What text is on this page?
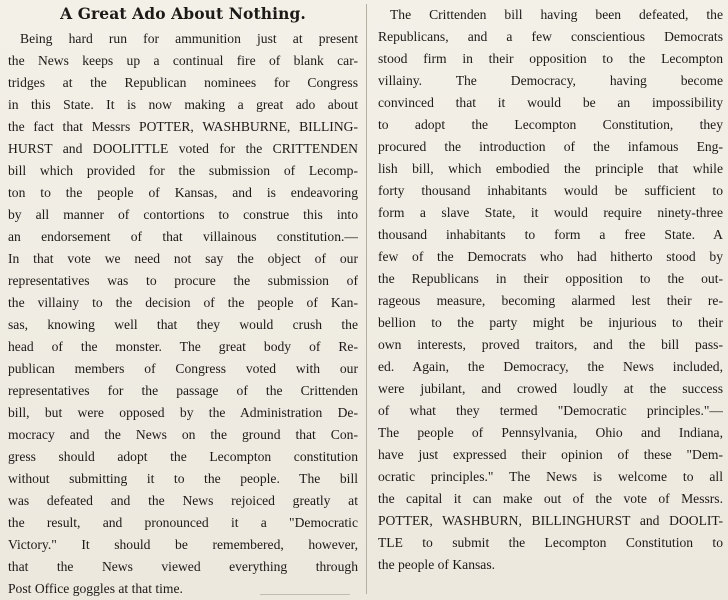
A Great Ado About Nothing.
Being hard run for ammunition just at present
the News keeps up a continual fire of blank car-
tridges at the Republican nominees for Congress
in this State. It is now making a great ado about
the fact that Messrs POTTER, WASHBURNE, BILLING-
HURST and DOOLITTLE voted for the CRITTENDEN
bill which provided for the submission of Lecomp-
ton to the people of Kansas, and is endeavoring
by all manner of contortions to construe this into
an endorsement of that villainous constitution.—
In that vote we need not say the object of our
representatives was to procure the submission of
the villainy to the decision of the people of Kan-
sas, knowing well that they would crush the
head of the monster. The great body of Re-
publican members of Congress voted with our
representatives for the passage of the Crittenden
bill, but were opposed by the Administration De-
mocracy and the News on the ground that Con-
gress should adopt the Lecompton constitution
without submitting it to the people. The bill
was defeated and the News rejoiced greatly at
the result, and pronounced it a "Democratic
Victory." It should be remembered, however,
that the News viewed everything through
Post Office goggles at that time.
The Crittenden bill having been defeated, the
Republicans, and a few conscientious Democrats
stood firm in their opposition to the Lecompton
villainy. The Democracy, having become
convinced that it would be an impossibility
to adopt the Lecompton Constitution, they
procured the introduction of the infamous Eng-
lish bill, which embodied the principle that while
forty thousand inhabitants would be sufficient to
form a slave State, it would require ninety-three
thousand inhabitants to form a free State. A
few of the Democrats who had hitherto stood by
the Republicans in their opposition to the out-
rageous measure, becoming alarmed lest their re-
bellion to the party might be injurious to their
own interests, proved traitors, and the bill pass-
ed. Again, the Democracy, the News included,
were jubilant, and crowed loudly at the success
of what they termed "Democratic principles."—
The people of Pennsylvania, Ohio and Indiana,
have just expressed their opinion of these "Dem-
ocratic principles." The News is welcome to all
the capital it can make out of the vote of Messrs.
POTTER, WASHBURN, BILLINGHURST and DOOLIT-
TLE to submit the Lecompton Constitution to
the people of Kansas.
